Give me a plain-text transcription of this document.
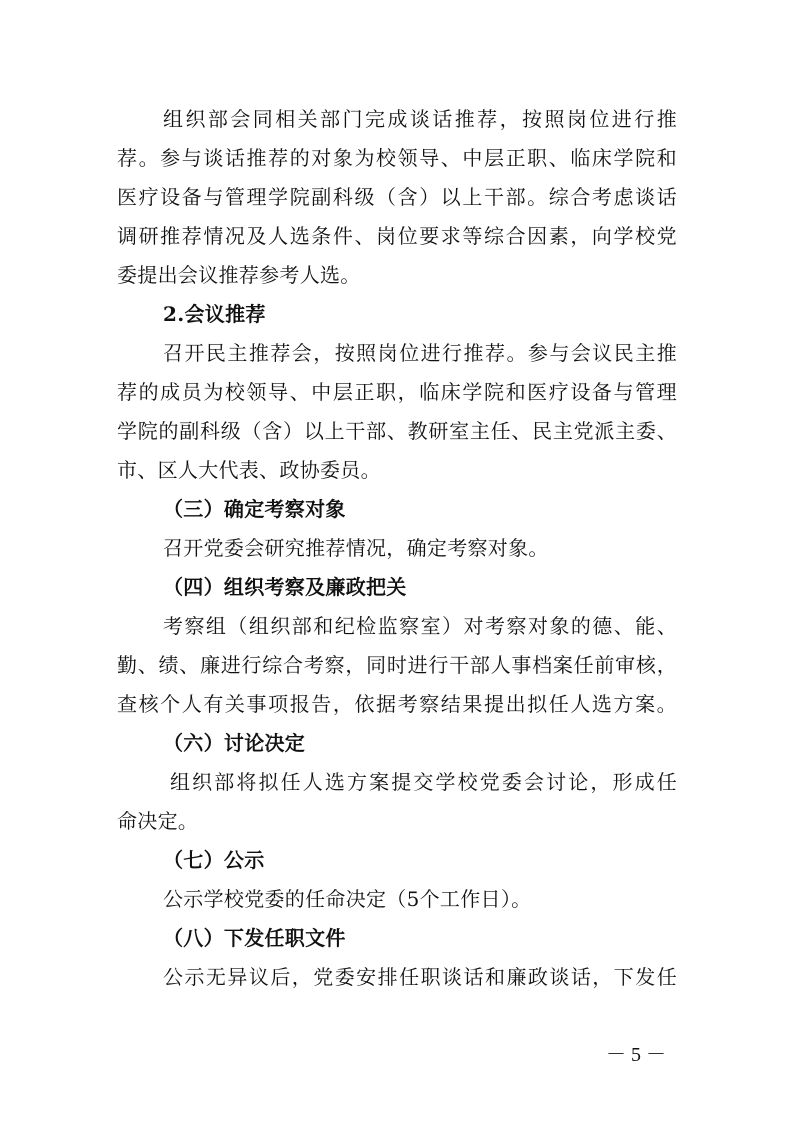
组织部会同相关部门完成谈话推荐，按照岗位进行推
荐。参与谈话推荐的对象为校领导、中层正职、临床学院和
医疗设备与管理学院副科级（含）以上干部。综合考虑谈话
调研推荐情况及人选条件、岗位要求等综合因素，向学校党
委提出会议推荐参考人选。
2.会议推荐
召开民主推荐会，按照岗位进行推荐。参与会议民主推
荐的成员为校领导、中层正职，临床学院和医疗设备与管理
学院的副科级（含）以上干部、教研室主任、民主党派主委、
市、区人大代表、政协委员。
（三）确定考察对象
召开党委会研究推荐情况，确定考察对象。
（四）组织考察及廉政把关
考察组（组织部和纪检监察室）对考察对象的德、能、
勤、绩、廉进行综合考察，同时进行干部人事档案任前审核，
查核个人有关事项报告，依据考察结果提出拟任人选方案。
（六）讨论决定
组织部将拟任人选方案提交学校党委会讨论，形成任
命决定。
（七）公示
公示学校党委的任命决定（5个工作日）。
（八）下发任职文件
公示无异议后，党委安排任职谈话和廉政谈话，下发任
－ 5 －
